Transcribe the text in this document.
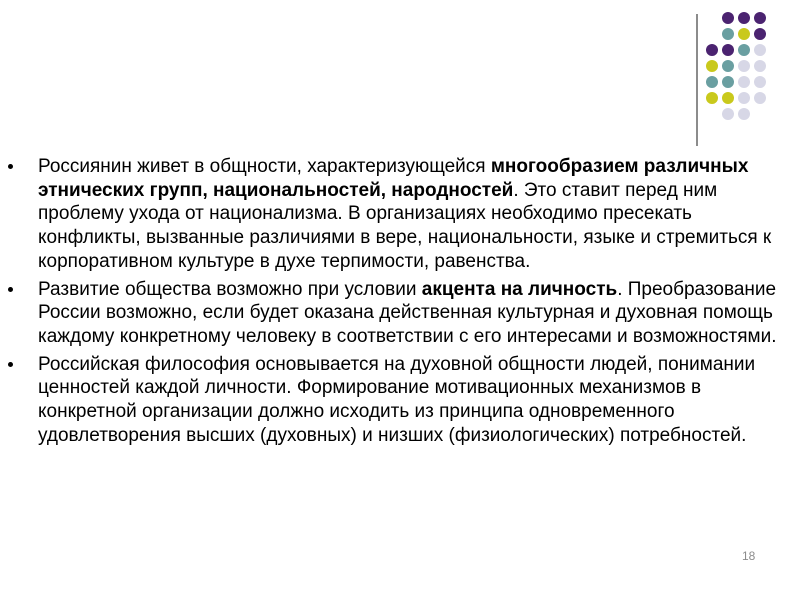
Россиянин живет в общности, характеризующейся многообразием различных этнических групп, национальностей, народностей. Это ставит перед ним проблему ухода от национализма. В организациях необходимо пресекать конфликты, вызванные различиями в вере, национальности, языке и стремиться к корпоративном культуре в духе терпимости, равенства.
Развитие общества возможно при условии акцента на личность. Преобразование России возможно, если будет оказана действенная культурная и духовная помощь каждому конкретному человеку в соответствии с его интересами и возможностями.
Российская философия основывается на духовной общности людей, понимании ценностей каждой личности. Формирование мотивационных механизмов в конкретной организации должно исходить из принципа одновременного удовлетворения высших (духовных) и низших (физиологических) потребностей.
18
